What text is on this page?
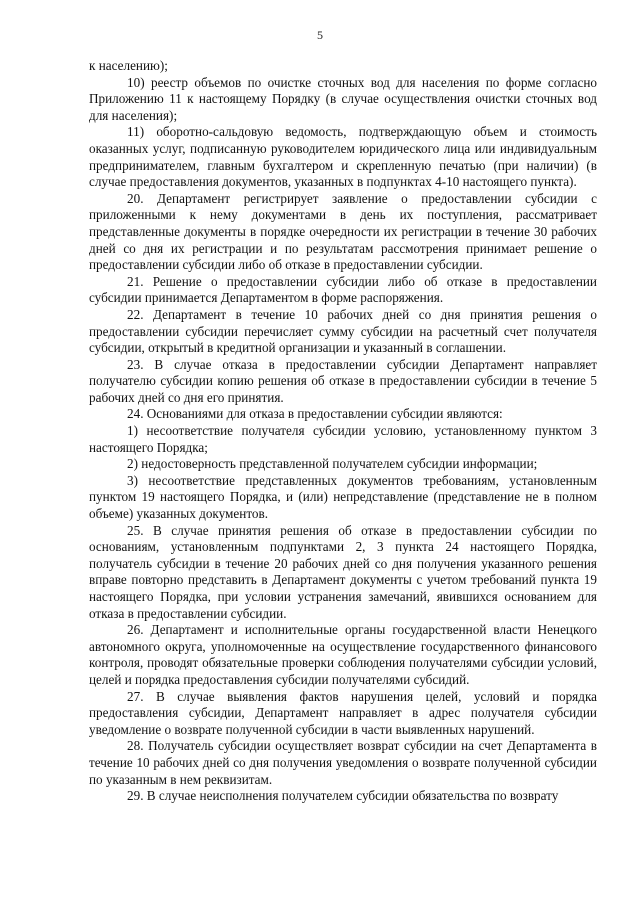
5

к населению);

10) реестр объемов по очистке сточных вод для населения по форме согласно Приложению 11 к настоящему Порядку (в случае осуществления очистки сточных вод для населения);

11) оборотно-сальдовую ведомость, подтверждающую объем и стоимость оказанных услуг, подписанную руководителем юридического лица или индивидуальным предпринимателем, главным бухгалтером и скрепленную печатью (при наличии) (в случае предоставления документов, указанных в подпунктах 4-10 настоящего пункта).

20. Департамент регистрирует заявление о предоставлении субсидии с приложенными к нему документами в день их поступления, рассматривает представленные документы в порядке очередности их регистрации в течение 30 рабочих дней со дня их регистрации и по результатам рассмотрения принимает решение о предоставлении субсидии либо об отказе в предоставлении субсидии.

21. Решение о предоставлении субсидии либо об отказе в предоставлении субсидии принимается Департаментом в форме распоряжения.

22. Департамент в течение 10 рабочих дней со дня принятия решения о предоставлении субсидии перечисляет сумму субсидии на расчетный счет получателя субсидии, открытый в кредитной организации и указанный в соглашении.

23. В случае отказа в предоставлении субсидии Департамент направляет получателю субсидии копию решения об отказе в предоставлении субсидии в течение 5 рабочих дней со дня его принятия.

24. Основаниями для отказа в предоставлении субсидии являются:

1) несоответствие получателя субсидии условию, установленному пунктом 3 настоящего Порядка;

2) недостоверность представленной получателем субсидии информации;

3) несоответствие представленных документов требованиям, установленным пунктом 19 настоящего Порядка, и (или) непредставление (представление не в полном объеме) указанных документов.

25. В случае принятия решения об отказе в предоставлении субсидии по основаниям, установленным подпунктами 2, 3 пункта 24 настоящего Порядка, получатель субсидии в течение 20 рабочих дней со дня получения указанного решения вправе повторно представить в Департамент документы с учетом требований пункта 19 настоящего Порядка, при условии устранения замечаний, явившихся основанием для отказа в предоставлении субсидии.

26. Департамент и исполнительные органы государственной власти Ненецкого автономного округа, уполномоченные на осуществление государственного финансового контроля, проводят обязательные проверки соблюдения получателями субсидии условий, целей и порядка предоставления субсидии получателями субсидий.

27. В случае выявления фактов нарушения целей, условий и порядка предоставления субсидии, Департамент направляет в адрес получателя субсидии уведомление о возврате полученной субсидии в части выявленных нарушений.

28. Получатель субсидии осуществляет возврат субсидии на счет Департамента в течение 10 рабочих дней со дня получения уведомления о возврате полученной субсидии по указанным в нем реквизитам.

29. В случае неисполнения получателем субсидии обязательства по возврату
